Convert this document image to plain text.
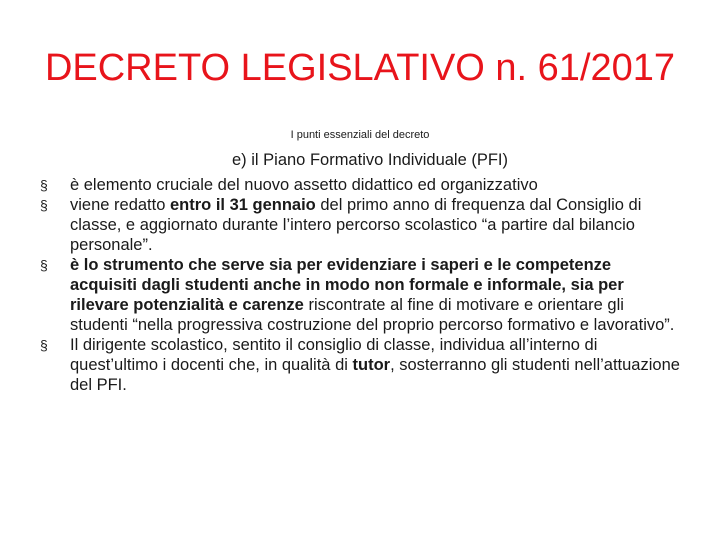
DECRETO LEGISLATIVO n. 61/2017
I punti essenziali del decreto
e) il Piano Formativo Individuale (PFI)
§	è elemento cruciale del nuovo assetto didattico ed organizzativo
§	viene redatto entro il 31 gennaio del primo anno di frequenza dal Consiglio di classe, e aggiornato durante l’intero percorso scolastico “a partire dal bilancio personale”.
§	è lo strumento che serve sia per evidenziare i saperi e le competenze acquisiti dagli studenti anche in modo non formale e informale, sia per rilevare potenzialità e carenze riscontrate al fine di motivare e orientare gli studenti “nella progressiva costruzione del proprio percorso formativo e lavorativo”.
§	Il dirigente scolastico, sentito il consiglio di classe, individua all’interno di quest’ultimo i docenti che, in qualità di tutor, sosterranno gli studenti nell’attuazione del PFI.
